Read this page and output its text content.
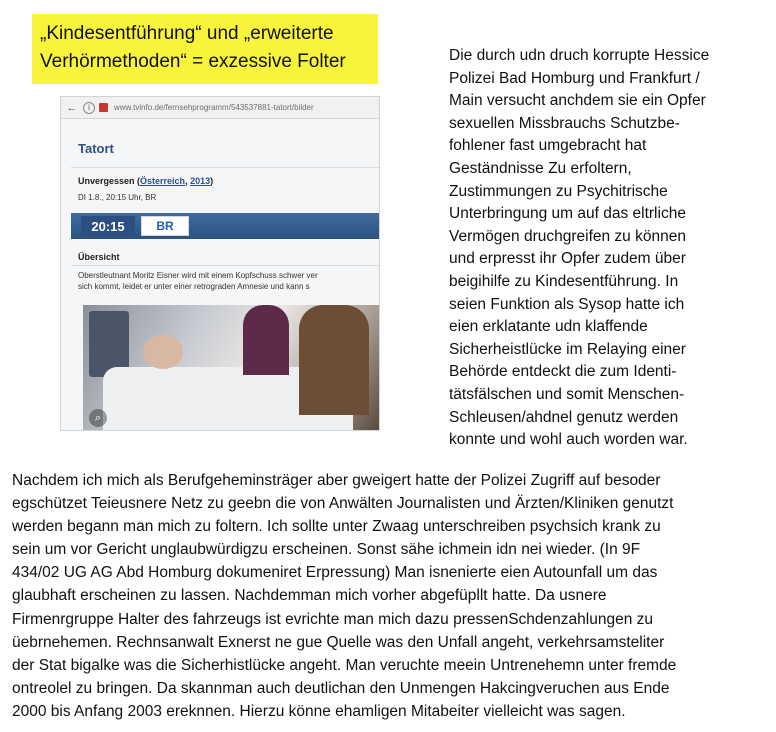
„Kindesentführung“ und „erweiterte
Verhörmethoden“ = exzessive Folter
←	i	www.tvinfo.de/fernsehprogramm/543537881-tatort/bilder
Tatort
Unvergessen (Österreich, 2013)
DI 1.8., 20:15 Uhr, BR
20:15	BR
Übersicht
Oberstleutnant Moritz Eisner wird mit einem Kopfschuss schwer ver
sich kommt, leidet er unter einer retrograden Amnesie und kann s
⌕
Die durch udn druch korrupte Hessice
Polizei Bad Homburg und Frankfurt /
Main versucht anchdem sie ein Opfer
sexuellen Missbrauchs Schutzbe-
fohlener fast umgebracht hat
Geständnisse Zu erfoltern,
Zustimmungen zu Psychitrische
Unterbringung um auf das eltrliche
Vermögen druchgreifen zu können
und erpresst ihr Opfer zudem über
beigihilfe zu Kindesentführung. In
seien Funktion als Sysop hatte ich
eien erklatante udn klaffende
Sicherheistlücke im Relaying einer
Behörde entdeckt die zum Identi-
tätsfälschen und somit Menschen-
Schleusen/ahdnel genutz werden
konnte und wohl auch worden war.
Nachdem ich mich als Berufgeheminsträger aber gweigert hatte der Polizei Zugriff auf besoder
egschützet Teieusnere Netz zu geebn die von Anwälten Journalisten und Ärzten/Kliniken genutzt
werden begann man mich zu foltern. Ich sollte unter Zwaag unterschreiben psychsich krank zu
sein um vor Gericht unglaubwürdigzu erscheinen. Sonst sähe ichmein idn nei wieder. (In 9F
434/02 UG AG Abd Homburg dokumeniret Erpressung) Man isnenierte eien Autounfall um das
glaubhaft erscheinen zu lassen. Nachdemman mich vorher abgefüpllt hatte. Da usnere
Firmenrgruppe Halter des fahrzeugs ist evrichte man mich dazu pressenSchdenzahlungen zu
üebrnehemen. Rechnsanwalt Exnerst ne gue Quelle was den Unfall angeht, verkehrsamsteliter
der Stat bigalke was die Sicherhistlücke angeht. Man veruchte meein Untrenehemn unter fremde
ontreolel zu bringen. Da skannman auch deutlichan den Unmengen Hakcingveruchen aus Ende
2000 bis Anfang 2003 ereknnen. Hierzu könne ehamligen Mitabeiter vielleicht was sagen.
